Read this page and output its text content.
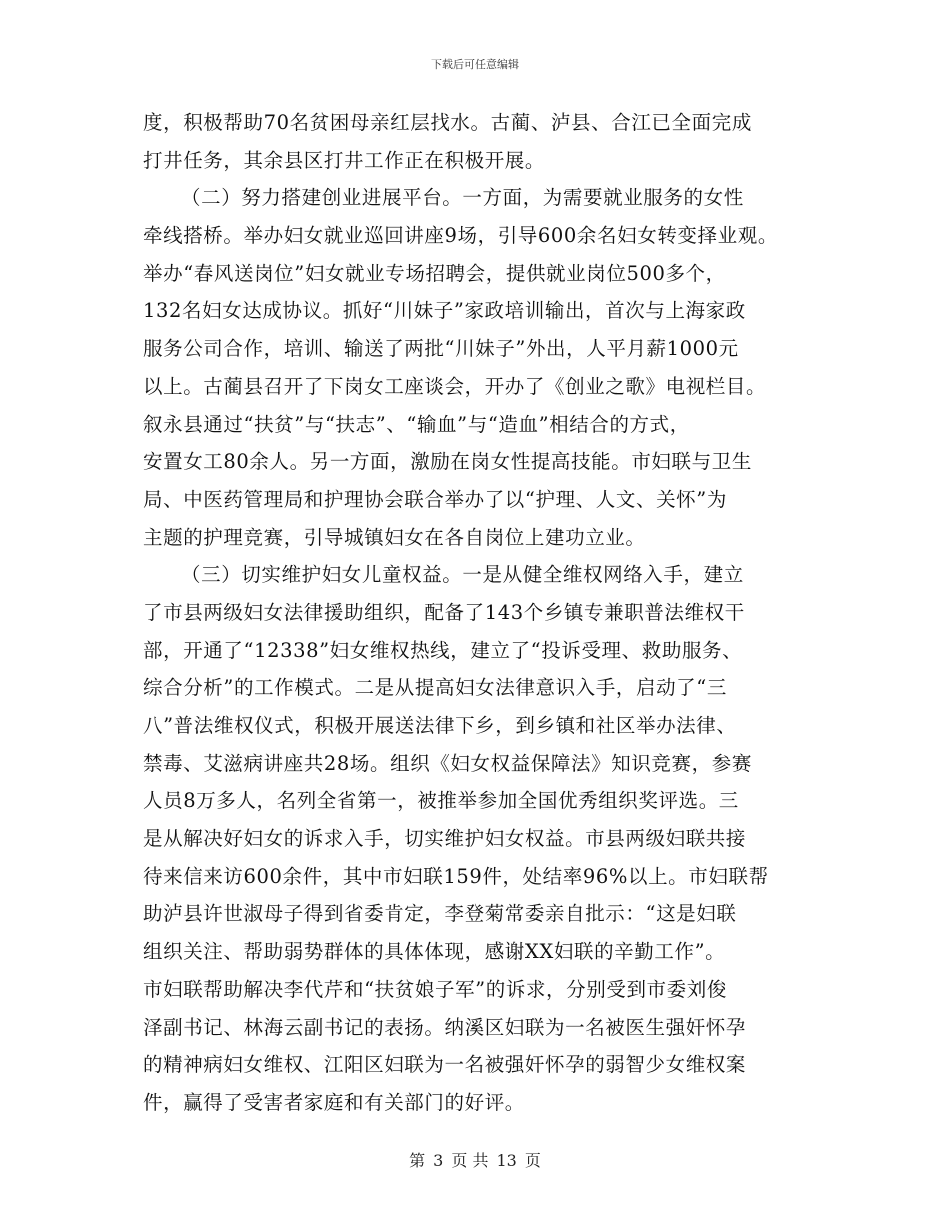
下载后可任意编辑
度，积极帮助70名贫困母亲红层找水。古蔺、泸县、合江已全面完成
打井任务，其余县区打井工作正在积极开展。
（二）努力搭建创业进展平台。一方面，为需要就业服务的女性
牵线搭桥。举办妇女就业巡回讲座9场，引导600余名妇女转变择业观。
举办“春风送岗位”妇女就业专场招聘会，提供就业岗位500多个，
132名妇女达成协议。抓好“川妹子”家政培训输出，首次与上海家政
服务公司合作，培训、输送了两批“川妹子”外出，人平月薪1000元
以上。古蔺县召开了下岗女工座谈会，开办了《创业之歌》电视栏目。
叙永县通过“扶贫”与“扶志”、“输血”与“造血”相结合的方式，
安置女工80余人。另一方面，激励在岗女性提高技能。市妇联与卫生
局、中医药管理局和护理协会联合举办了以“护理、人文、关怀”为
主题的护理竞赛，引导城镇妇女在各自岗位上建功立业。
（三）切实维护妇女儿童权益。一是从健全维权网络入手，建立
了市县两级妇女法律援助组织，配备了143个乡镇专兼职普法维权干
部，开通了“12338”妇女维权热线，建立了“投诉受理、救助服务、
综合分析”的工作模式。二是从提高妇女法律意识入手，启动了“三
八”普法维权仪式，积极开展送法律下乡，到乡镇和社区举办法律、
禁毒、艾滋病讲座共28场。组织《妇女权益保障法》知识竞赛，参赛
人员8万多人，名列全省第一，被推举参加全国优秀组织奖评选。三
是从解决好妇女的诉求入手，切实维护妇女权益。市县两级妇联共接
待来信来访600余件，其中市妇联159件，处结率96%以上。市妇联帮
助泸县许世淑母子得到省委肯定，李登菊常委亲自批示：“这是妇联
组织关注、帮助弱势群体的具体体现，感谢XX妇联的辛勤工作”。
市妇联帮助解决李代芹和“扶贫娘子军”的诉求，分别受到市委刘俊
泽副书记、林海云副书记的表扬。纳溪区妇联为一名被医生强奸怀孕
的精神病妇女维权、江阳区妇联为一名被强奸怀孕的弱智少女维权案
件，赢得了受害者家庭和有关部门的好评。
第 3 页 共 13 页
